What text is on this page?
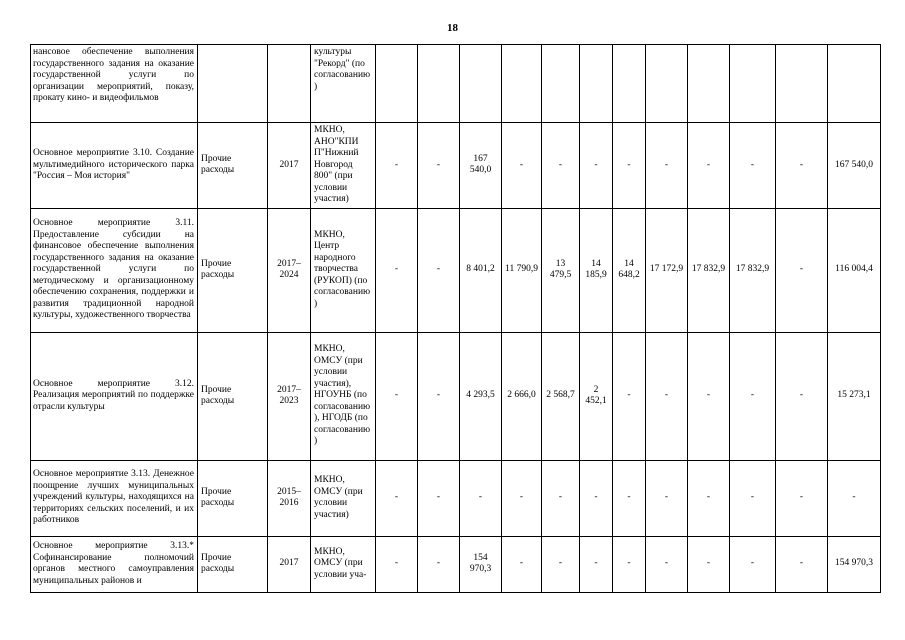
18
нансовое обеспечение выполнения государственного задания на оказание государственной услуги по организации мероприятий, показу, прокату кино- и видеофильмов			культуры "Рекорд" (по согласованию)												
Основное мероприятие 3.10. Создание мультимедийного исторического парка "Россия – Моя история"	Прочие расходы	2017	МКНО, АНО"КПИ П"Нижний Новгород 800" (при условии участия)	-	-	167 540,0	-	-	-	-	-	-	-	-	167 540,0
Основное мероприятие 3.11. Предоставление субсидии на финансовое обеспечение выполнения государственного задания на оказание государственной услуги по методическому и организационному обеспечению сохранения, поддержки и развития традиционной народной культуры, художественного творчества	Прочие расходы	2017–2024	МКНО, Центр народного творчества (РУКОП) (по согласованию)	-	-	8 401,2	11 790,9	13 479,5	14 185,9	14 648,2	17 172,9	17 832,9	17 832,9	-	116 004,4
Основное мероприятие 3.12. Реализация мероприятий по поддержке отрасли культуры	Прочие расходы	2017–2023	МКНО, ОМСУ (при условии участия), НГОУНБ (по согласованию), НГОДБ (по согласованию)	-	-	4 293,5	2 666,0	2 568,7	2 452,1	-	-	-	-	-	15 273,1
Основное мероприятие 3.13. Денежное поощрение лучших муниципальных учреждений культуры, находящихся на территориях сельских поселений, и их работников	Прочие расходы	2015–2016	МКНО, ОМСУ (при условии участия)	-	-	-	-	-	-	-	-	-	-	-	-
Основное мероприятие 3.13.* Софинансирование полномочий органов местного самоуправления муниципальных районов и	Прочие расходы	2017	МКНО, ОМСУ (при условии уча-	-	-	154 970,3	-	-	-	-	-	-	-	-	154 970,3
